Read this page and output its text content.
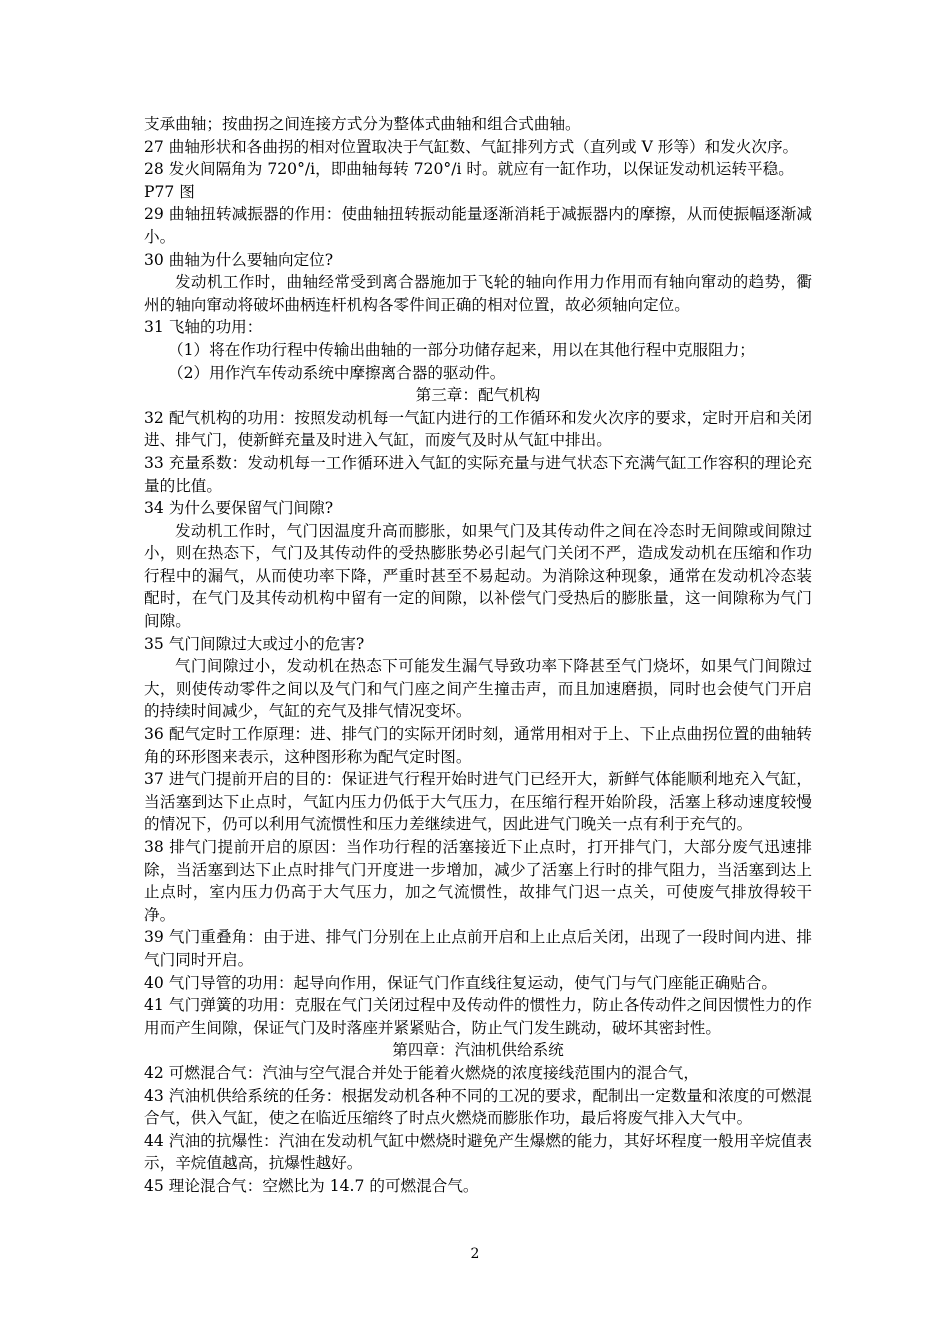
支承曲轴；按曲拐之间连接方式分为整体式曲轴和组合式曲轴。

27 曲轴形状和各曲拐的相对位置取决于气缸数、气缸排列方式（直列或 V 形等）和发火次序。

28 发火间隔角为 720°/i，即曲轴每转 720°/i 时。就应有一缸作功，以保证发动机运转平稳。

P77 图

29 曲轴扭转减振器的作用：使曲轴扭转振动能量逐渐消耗于减振器内的摩擦，从而使振幅逐渐减小。

30 曲轴为什么要轴向定位?

发动机工作时，曲轴经常受到离合器施加于飞轮的轴向作用力作用而有轴向窜动的趋势，衢州的轴向窜动将破坏曲柄连杆机构各零件间正确的相对位置，故必须轴向定位。

31 飞轴的功用：

（1）将在作功行程中传输出曲轴的一部分功储存起来，用以在其他行程中克服阻力；

（2）用作汽车传动系统中摩擦离合器的驱动件。

第三章：配气机构

32 配气机构的功用：按照发动机每一气缸内进行的工作循环和发火次序的要求，定时开启和关闭进、排气门，使新鲜充量及时进入气缸，而废气及时从气缸中排出。

33 充量系数：发动机每一工作循环进入气缸的实际充量与进气状态下充满气缸工作容积的理论充量的比值。

34 为什么要保留气门间隙?

发动机工作时，气门因温度升高而膨胀，如果气门及其传动件之间在冷态时无间隙或间隙过小，则在热态下，气门及其传动件的受热膨胀势必引起气门关闭不严，造成发动机在压缩和作功行程中的漏气，从而使功率下降，严重时甚至不易起动。为消除这种现象，通常在发动机冷态装配时，在气门及其传动机构中留有一定的间隙，以补偿气门受热后的膨胀量，这一间隙称为气门间隙。

35 气门间隙过大或过小的危害?

气门间隙过小，发动机在热态下可能发生漏气导致功率下降甚至气门烧坏，如果气门间隙过大，则使传动零件之间以及气门和气门座之间产生撞击声，而且加速磨损，同时也会使气门开启的持续时间减少，气缸的充气及排气情况变坏。

36 配气定时工作原理：进、排气门的实际开闭时刻，通常用相对于上、下止点曲拐位置的曲轴转角的环形图来表示，这种图形称为配气定时图。

37 进气门提前开启的目的：保证进气行程开始时进气门已经开大，新鲜气体能顺利地充入气缸，当活塞到达下止点时，气缸内压力仍低于大气压力，在压缩行程开始阶段，活塞上移动速度较慢的情况下，仍可以利用气流惯性和压力差继续进气，因此进气门晚关一点有利于充气的。

38 排气门提前开启的原因：当作功行程的活塞接近下止点时，打开排气门，大部分废气迅速排除，当活塞到达下止点时排气门开度进一步增加，减少了活塞上行时的排气阻力，当活塞到达上止点时，室内压力仍高于大气压力，加之气流惯性，故排气门迟一点关，可使废气排放得较干净。

39 气门重叠角：由于进、排气门分别在上止点前开启和上止点后关闭，出现了一段时间内进、排气门同时开启。

40 气门导管的功用：起导向作用，保证气门作直线往复运动，使气门与气门座能正确贴合。

41 气门弹簧的功用：克服在气门关闭过程中及传动件的惯性力，防止各传动件之间因惯性力的作用而产生间隙，保证气门及时落座并紧紧贴合，防止气门发生跳动，破坏其密封性。

第四章：汽油机供给系统

42 可燃混合气：汽油与空气混合并处于能着火燃烧的浓度接线范围内的混合气，

43 汽油机供给系统的任务：根据发动机各种不同的工况的要求，配制出一定数量和浓度的可燃混合气，供入气缸，使之在临近压缩终了时点火燃烧而膨胀作功，最后将废气排入大气中。

44 汽油的抗爆性：汽油在发动机气缸中燃烧时避免产生爆燃的能力，其好坏程度一般用辛烷值表示，辛烷值越高，抗爆性越好。

45 理论混合气：空燃比为 14.7 的可燃混合气。

2
